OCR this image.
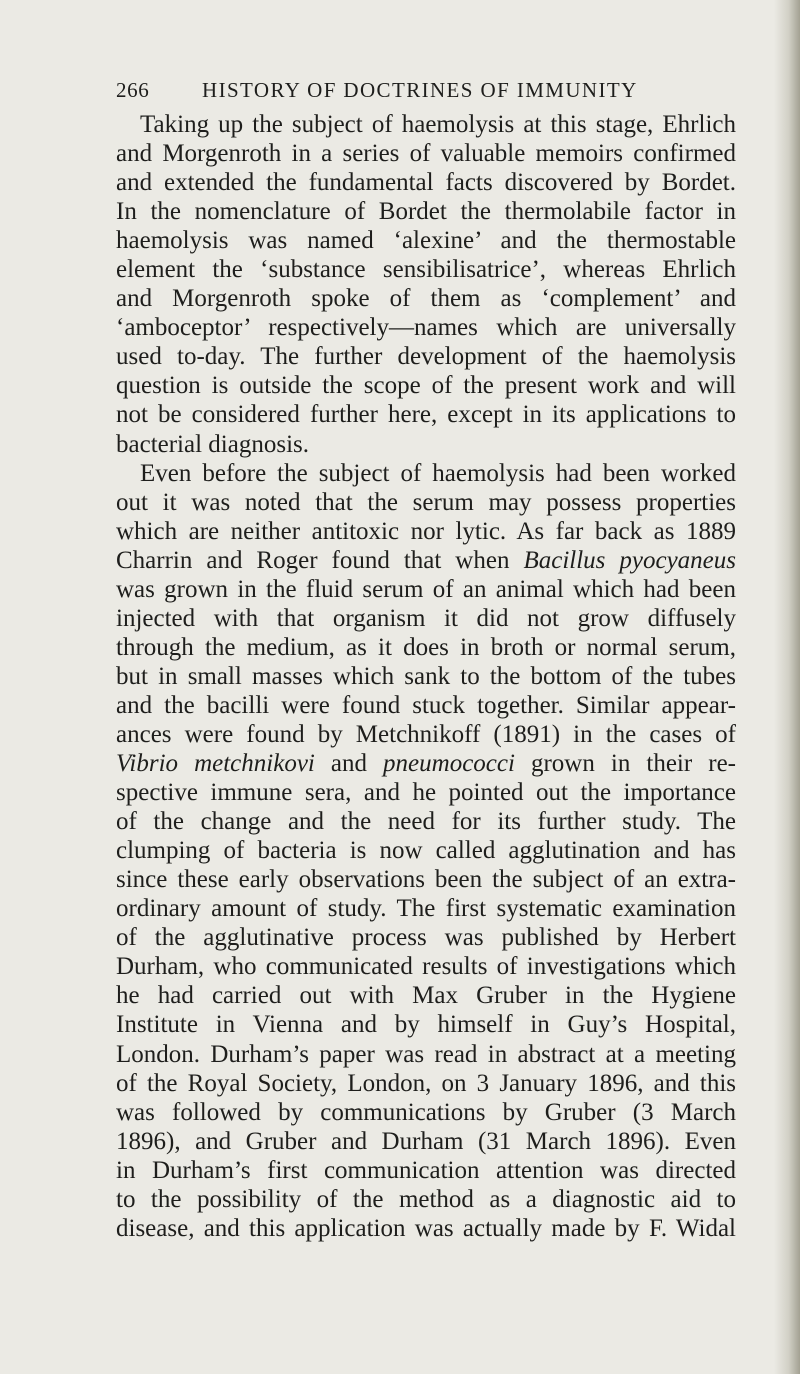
266	HISTORY OF DOCTRINES OF IMMUNITY
Taking up the subject of haemolysis at this stage, Ehrlich
and Morgenroth in a series of valuable memoirs confirmed
and extended the fundamental facts discovered by Bordet.
In the nomenclature of Bordet the thermolabile factor in
haemolysis was named ‘alexine’ and the thermostable
element the ‘substance sensibilisatrice’, whereas Ehrlich
and Morgenroth spoke of them as ‘complement’ and
‘amboceptor’ respectively—names which are universally
used to-day. The further development of the haemolysis
question is outside the scope of the present work and will
not be considered further here, except in its applications to
bacterial diagnosis.
Even before the subject of haemolysis had been worked
out it was noted that the serum may possess properties
which are neither antitoxic nor lytic. As far back as 1889
Charrin and Roger found that when Bacillus pyocyaneus
was grown in the fluid serum of an animal which had been
injected with that organism it did not grow diffusely
through the medium, as it does in broth or normal serum,
but in small masses which sank to the bottom of the tubes
and the bacilli were found stuck together. Similar appear-
ances were found by Metchnikoff (1891) in the cases of
Vibrio metchnikovi and pneumococci grown in their re-
spective immune sera, and he pointed out the importance
of the change and the need for its further study. The
clumping of bacteria is now called agglutination and has
since these early observations been the subject of an extra-
ordinary amount of study. The first systematic examination
of the agglutinative process was published by Herbert
Durham, who communicated results of investigations which
he had carried out with Max Gruber in the Hygiene
Institute in Vienna and by himself in Guy’s Hospital,
London. Durham’s paper was read in abstract at a meeting
of the Royal Society, London, on 3 January 1896, and this
was followed by communications by Gruber (3 March
1896), and Gruber and Durham (31 March 1896). Even
in Durham’s first communication attention was directed
to the possibility of the method as a diagnostic aid to
disease, and this application was actually made by F. Widal
